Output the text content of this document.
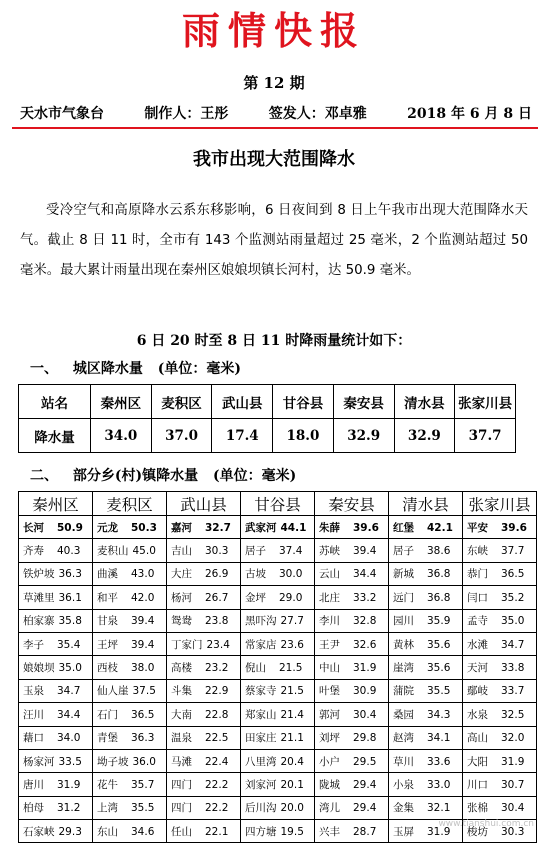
雨情快报
第 12 期
天水市气象台	制作人：王彤	签发人：邓卓雅	2018 年 6 月 8 日
我市出现大范围降水
受冷空气和高原降水云系东移影响，6 日夜间到 8 日上午我市出现大范围降水天气。截止 8 日 11 时，全市有 143 个监测站雨量超过 25 毫米，2 个监测站超过 50 毫米。最大累计雨量出现在秦州区娘娘坝镇长河村，达 50.9 毫米。
6 日 20 时至 8 日 11 时降雨量统计如下：
一、 城区降水量 (单位：毫米)
站名	秦州区	麦积区	武山县	甘谷县	秦安县	清水县	张家川县
降水量	34.0	37.0	17.4	18.0	32.9	32.9	37.7
二、 部分乡(村)镇降水量 (单位：毫米)
秦州区	麦积区	武山县	甘谷县	秦安县	清水县	张家川县
长河 50.9	元龙 50.3	嘉河 32.7	武家河 44.1	朱薛 39.6	红堡 42.1	平安 39.6
齐寿 40.3	麦积山 45.0	吉山 30.3	居子 37.4	苏峡 39.4	居子 38.6	东峡 37.7
铁炉坡 36.3	曲溪 43.0	大庄 26.9	古坡 30.0	云山 34.4	新城 36.8	恭门 36.5
草滩里 36.1	和平 42.0	杨河 26.7	金坪 29.0	北庄 33.2	远门 36.8	闫口 35.2
柏家寨 35.8	甘泉 39.4	鸳鸯 23.8	黑吓沟 27.7	李川 32.8	园川 35.9	孟寺 35.0
李子 35.4	王坪 39.4	丁家门 23.4	常家店 23.6	王尹 32.6	黄林 35.6	水滩 34.7
娘娘坝 35.0	西枝 38.0	高楼 23.2	倪山 21.5	中山 31.9	崖湾 35.6	天河 33.8
玉泉 34.7	仙人崖 37.5	斗集 22.9	蔡家寺 21.5	叶堡 30.9	蒲院 35.5	鄢岐 33.7
汪川 34.4	石门 36.5	大南 22.8	郑家山 21.4	郭河 30.4	桑园 34.3	水泉 32.5
藉口 34.0	青堡 36.3	温泉 22.5	田家庄 21.1	刘坪 29.8	赵湾 34.1	高山 32.0
杨家河 33.5	坳子坡 36.0	马滩 22.4	八里湾 20.4	小户 29.5	草川 33.6	大阳 31.9
唐川 31.9	花牛 35.7	四门 22.2	刘家河 20.1	陇城 29.4	小泉 33.0	川口 30.7
柏母 31.2	上湾 35.5	四门 22.2	后川沟 20.0	湾儿 29.4	金集 32.1	张棉 30.4
石家峡 29.3	东山 34.6	任山 22.1	四方塘 19.5	兴丰 28.7	玉屏 31.9	梭坊 30.3
www.tianshui.com.cn
